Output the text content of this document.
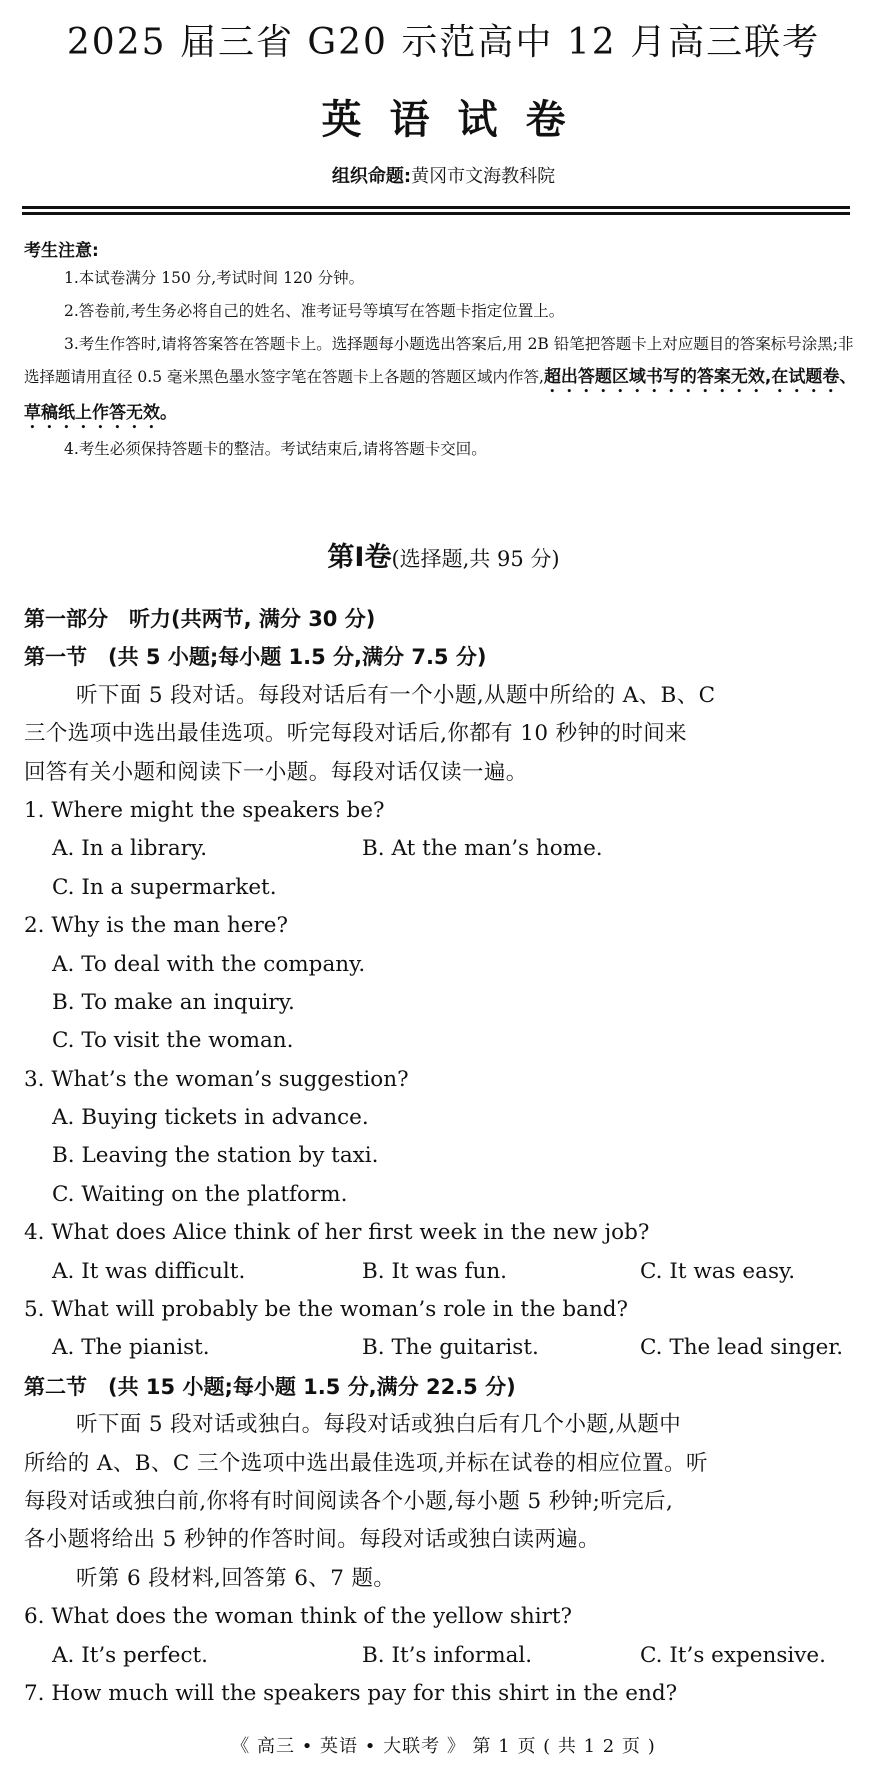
2025 届三省 G20 示范高中 12 月高三联考
英语试卷
组织命题:黄冈市文海教科院
考生注意:

1.本试卷满分 150 分,考试时间 120 分钟。

2.答卷前,考生务必将自己的姓名、准考证号等填写在答题卡指定位置上。

3.考生作答时,请将答案答在答题卡上。选择题每小题选出答案后,用 2B 铅笔把答题卡上对应题目的答案标号涂黑;非选择题请用直径 0.5 毫米黑色墨水签字笔在答题卡上各题的答题区域内作答,超出答题区域书写的答案无效,在试题卷、草稿纸上作答无效。

4.考生必须保持答题卡的整洁。考试结束后,请将答题卡交回。

第Ⅰ卷(选择题,共 95 分)
第一部分　听力(共两节, 满分 30 分)
第一节　(共 5 小题;每小题 1.5 分,满分 7.5 分)
听下面 5 段对话。每段对话后有一个小题,从题中所给的 A、B、C
三个选项中选出最佳选项。听完每段对话后,你都有 10 秒钟的时间来
回答有关小题和阅读下一小题。每段对话仅读一遍。
1. Where might the speakers be?
A. In a library.	B. At the man’s home.
C. In a supermarket.
2. Why is the man here?
A. To deal with the company.
B. To make an inquiry.
C. To visit the woman.
3. What’s the woman’s suggestion?
A. Buying tickets in advance.
B. Leaving the station by taxi.
C. Waiting on the platform.
4. What does Alice think of her first week in the new job?
A. It was difficult.	B. It was fun.	C. It was easy.
5. What will probably be the woman’s role in the band?
A. The pianist.	B. The guitarist.	C. The lead singer.
第二节　(共 15 小题;每小题 1.5 分,满分 22.5 分)
听下面 5 段对话或独白。每段对话或独白后有几个小题,从题中
所给的 A、B、C 三个选项中选出最佳选项,并标在试卷的相应位置。听
每段对话或独白前,你将有时间阅读各个小题,每小题 5 秒钟;听完后,
各小题将给出 5 秒钟的作答时间。每段对话或独白读两遍。
听第 6 段材料,回答第 6、7 题。
6. What does the woman think of the yellow shirt?
A. It’s perfect.	B. It’s informal.	C. It’s expensive.
7. How much will the speakers pay for this shirt in the end?
《 高三 • 英语 • 大联考 》 第 1 页 ( 共 1 2 页 )
